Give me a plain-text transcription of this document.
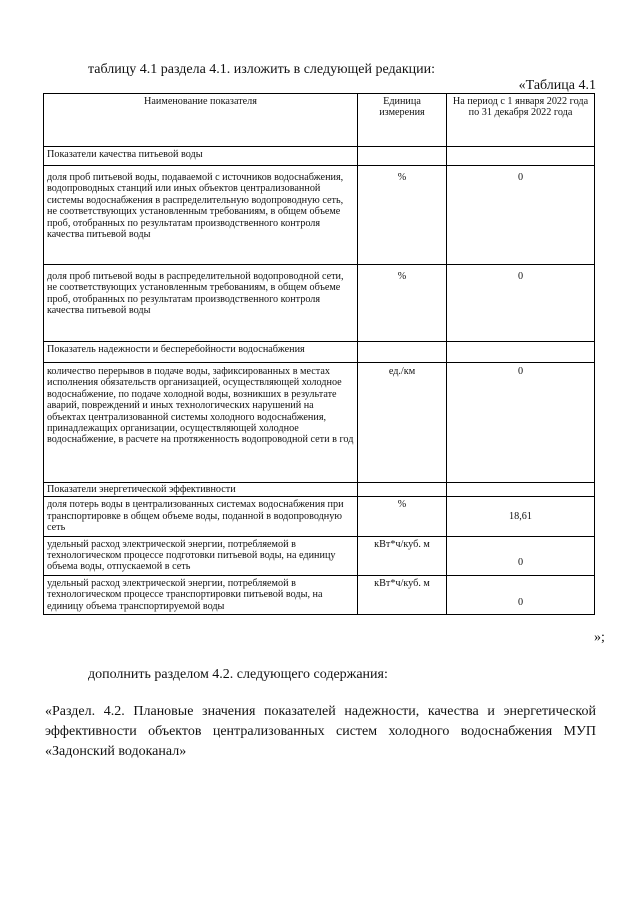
таблицу 4.1 раздела 4.1. изложить в следующей редакции:
«Таблица 4.1
Наименование показателя	Единица измерения	На период с 1 января 2022 года по 31 декабря 2022 года
Показатели качества питьевой воды		
доля проб питьевой воды, подаваемой с источников водоснабжения, водопроводных станций или иных объектов централизованной системы водоснабжения в распределительную водопроводную сеть, не соответствующих установленным требованиям, в общем объеме проб, отобранных по результатам производственного контроля качества питьевой воды	%	0
доля проб питьевой воды в распределительной водопроводной сети, не соответствующих установленным требованиям, в общем объеме проб, отобранных по результатам производственного контроля качества питьевой воды	%	0
Показатель надежности и бесперебойности водоснабжения		
количество перерывов в подаче воды, зафиксированных в местах исполнения обязательств организацией, осуществляющей холодное водоснабжение, по подаче холодной воды, возникших в результате аварий, повреждений и иных технологических нарушений на объектах централизованной системы холодного водоснабжения, принадлежащих организации, осуществляющей холодное водоснабжение, в расчете на протяженность водопроводной сети в год	ед./км	0
Показатели энергетической эффективности		
доля потерь воды в централизованных системах водоснабжения при транспортировке в общем объеме воды, поданной в водопроводную сеть	%	18,61
удельный расход электрической энергии, потребляемой в технологическом процессе подготовки питьевой воды, на единицу объема воды, отпускаемой в сеть	кВт*ч/куб. м	0
удельный расход электрической энергии, потребляемой в технологическом процессе транспортировки питьевой воды, на единицу объема транспортируемой воды	кВт*ч/куб. м	0
»;
дополнить разделом 4.2. следующего содержания:
«Раздел. 4.2. Плановые значения показателей надежности, качества и энергетической эффективности объектов централизованных систем холодного водоснабжения МУП «Задонский водоканал»
